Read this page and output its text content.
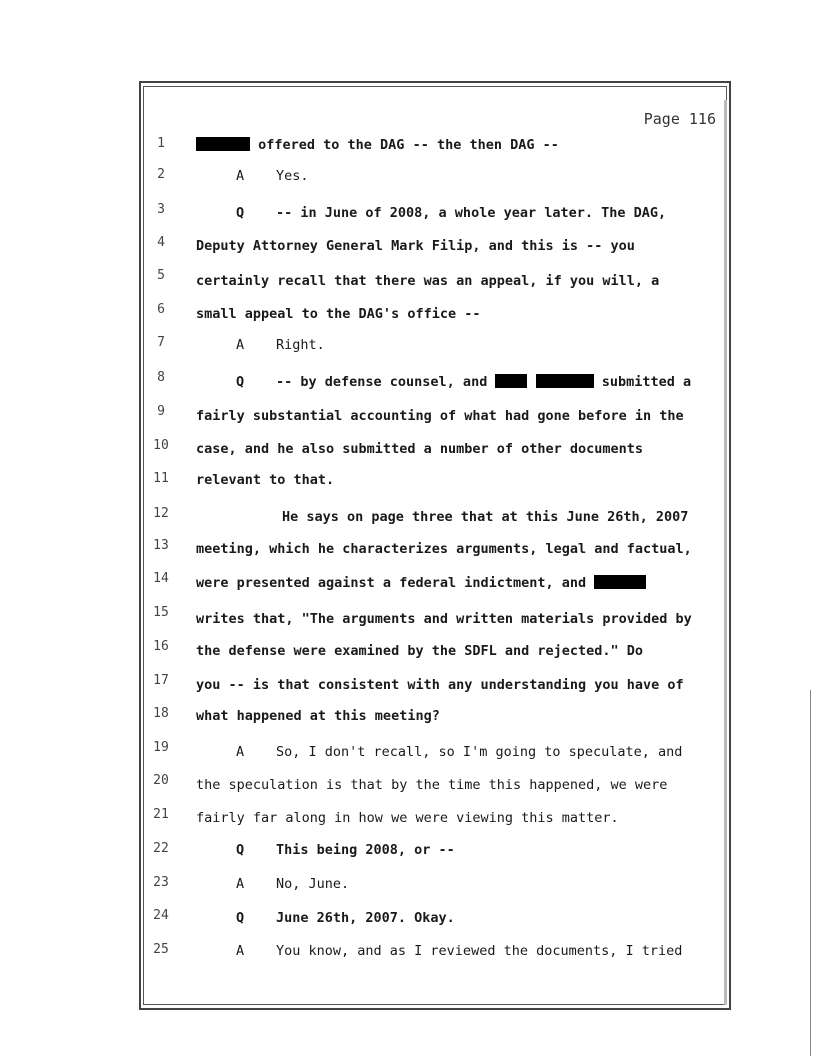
Page 116
1
2
3
4
5
6
7
8
9
10
11
12
13
14
15
16
17
18
19
20
21
22
23
24
25
offered to the DAG -- the then DAG --
A Yes.
Q -- in June of 2008, a whole year later. The DAG,
Deputy Attorney General Mark Filip, and this is -- you
certainly recall that there was an appeal, if you will, a
small appeal to the DAG's office --
A Right.
Q -- by defense counsel, and	submitted a
fairly substantial accounting of what had gone before in the
case, and he also submitted a number of other documents
relevant to that.
He says on page three that at this June 26th, 2007
meeting, which he characterizes arguments, legal and factual,
were presented against a federal indictment, and
writes that, "The arguments and written materials provided by
the defense were examined by the SDFL and rejected." Do
you -- is that consistent with any understanding you have of
what happened at this meeting?
A So, I don't recall, so I'm going to speculate, and
the speculation is that by the time this happened, we were
fairly far along in how we were viewing this matter.
Q This being 2008, or --
A No, June.
Q June 26th, 2007. Okay.
A You know, and as I reviewed the documents, I tried
